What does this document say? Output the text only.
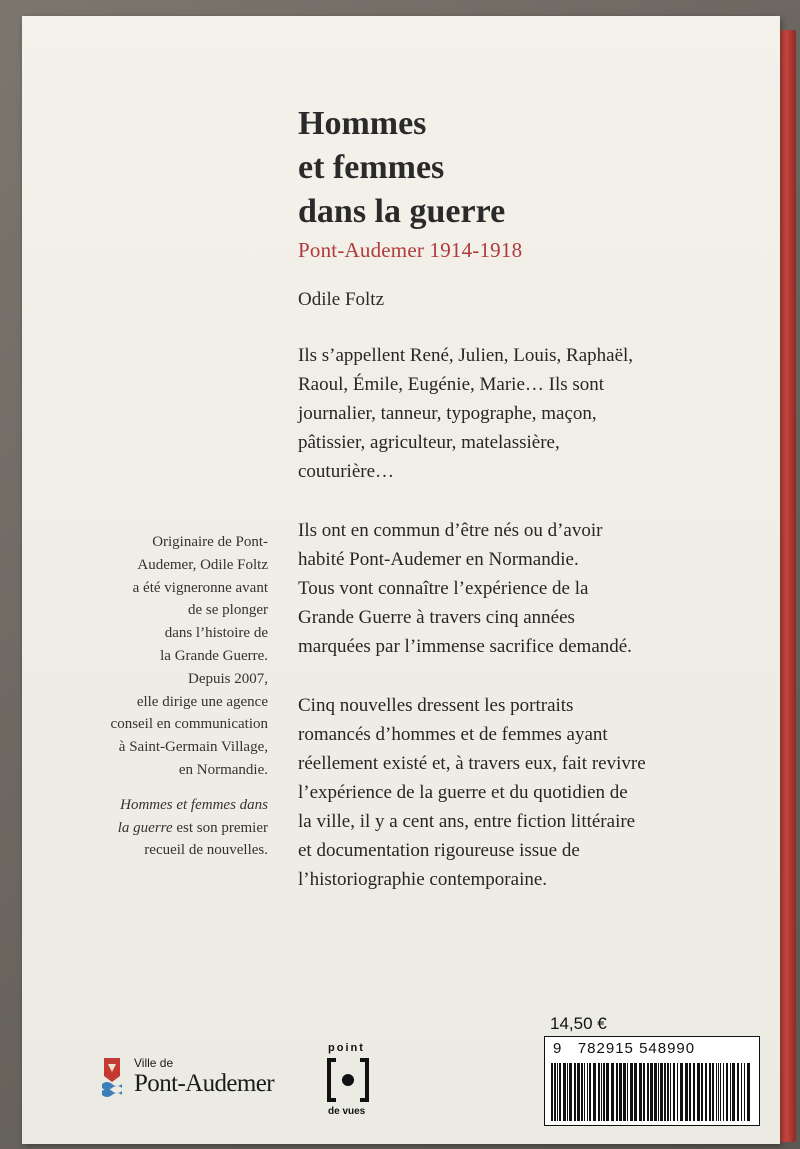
Hommes
et femmes
dans la guerre
Pont-Audemer 1914-1918
Odile Foltz
Ils s’appellent René, Julien, Louis, Raphaël,
Raoul, Émile, Eugénie, Marie… Ils sont
journalier, tanneur, typographe, maçon,
pâtissier, agriculteur, matelassière,
couturière…
Ils ont en commun d’être nés ou d’avoir
habité Pont-Audemer en Normandie.
Tous vont connaître l’expérience de la
Grande Guerre à travers cinq années
marquées par l’immense sacrifice demandé.
Cinq nouvelles dressent les portraits
romancés d’hommes et de femmes ayant
réellement existé et, à travers eux, fait revivre
l’expérience de la guerre et du quotidien de
la ville, il y a cent ans, entre fiction littéraire
et documentation rigoureuse issue de
l’historiographie contemporaine.
Originaire de Pont-
Audemer, Odile Foltz
a été vigneronne avant
de se plonger
dans l’histoire de
la Grande Guerre.
Depuis 2007,
elle dirige une agence
conseil en communication
à Saint-Germain Village,
en Normandie.
Hommes et femmes dans
la guerre est son premier
recueil de nouvelles.
14,50 €
9   782915 548990
Ville de
Pont-Audemer
point
de vues
